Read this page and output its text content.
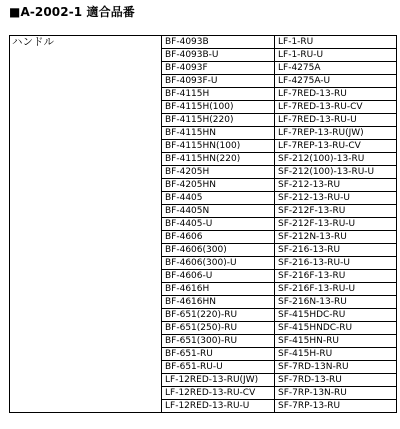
■A-2002-1 適合品番
ハンドル	BF-4093B	LF-1-RU
	BF-4093B-U	LF-1-RU-U
	BF-4093F	LF-4275A
	BF-4093F-U	LF-4275A-U
	BF-4115H	LF-7RED-13-RU
	BF-4115H(100)	LF-7RED-13-RU-CV
	BF-4115H(220)	LF-7RED-13-RU-U
	BF-4115HN	LF-7REP-13-RU(JW)
	BF-4115HN(100)	LF-7REP-13-RU-CV
	BF-4115HN(220)	SF-212(100)-13-RU
	BF-4205H	SF-212(100)-13-RU-U
	BF-4205HN	SF-212-13-RU
	BF-4405	SF-212-13-RU-U
	BF-4405N	SF-212F-13-RU
	BF-4405-U	SF-212F-13-RU-U
	BF-4606	SF-212N-13-RU
	BF-4606(300)	SF-216-13-RU
	BF-4606(300)-U	SF-216-13-RU-U
	BF-4606-U	SF-216F-13-RU
	BF-4616H	SF-216F-13-RU-U
	BF-4616HN	SF-216N-13-RU
	BF-651(220)-RU	SF-415HDC-RU
	BF-651(250)-RU	SF-415HNDC-RU
	BF-651(300)-RU	SF-415HN-RU
	BF-651-RU	SF-415H-RU
	BF-651-RU-U	SF-7RD-13N-RU
	LF-12RED-13-RU(JW)	SF-7RD-13-RU
	LF-12RED-13-RU-CV	SF-7RP-13N-RU
	LF-12RED-13-RU-U	SF-7RP-13-RU
